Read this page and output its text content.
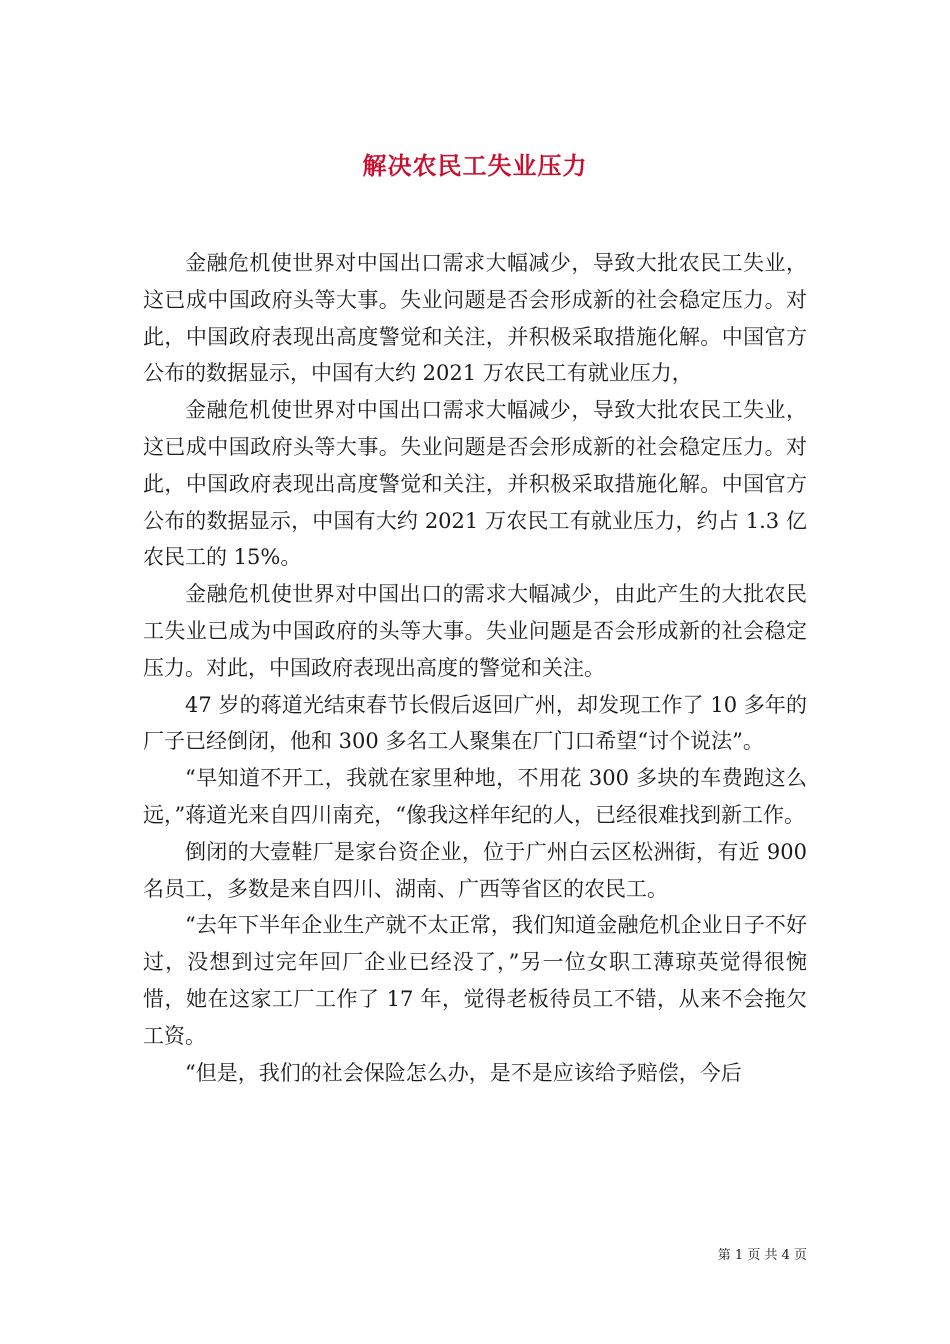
解决农民工失业压力

金融危机使世界对中国出口需求大幅减少，导致大批农民工失业，这已成中国政府头等大事。失业问题是否会形成新的社会稳定压力。对此，中国政府表现出高度警觉和关注，并积极采取措施化解。中国官方公布的数据显示，中国有大约 2021 万农民工有就业压力，

金融危机使世界对中国出口需求大幅减少，导致大批农民工失业，这已成中国政府头等大事。失业问题是否会形成新的社会稳定压力。对此，中国政府表现出高度警觉和关注，并积极采取措施化解。中国官方公布的数据显示，中国有大约 2021 万农民工有就业压力，约占 1.3 亿农民工的 15%。

金融危机使世界对中国出口的需求大幅减少，由此产生的大批农民工失业已成为中国政府的头等大事。失业问题是否会形成新的社会稳定压力。对此，中国政府表现出高度的警觉和关注。

47 岁的蒋道光结束春节长假后返回广州，却发现工作了 10 多年的厂子已经倒闭，他和 300 多名工人聚集在厂门口希望“讨个说法”。

“早知道不开工，我就在家里种地，不用花 300 多块的车费跑这么远，”蒋道光来自四川南充，“像我这样年纪的人，已经很难找到新工作。

倒闭的大壹鞋厂是家台资企业，位于广州白云区松洲街，有近 900 名员工，多数是来自四川、湖南、广西等省区的农民工。

“去年下半年企业生产就不太正常，我们知道金融危机企业日子不好过，没想到过完年回厂企业已经没了，”另一位女职工薄琼英觉得很惋惜，她在这家工厂工作了 17 年，觉得老板待员工不错，从来不会拖欠工资。

“但是，我们的社会保险怎么办，是不是应该给予赔偿，今后

第 1 页 共 4 页
